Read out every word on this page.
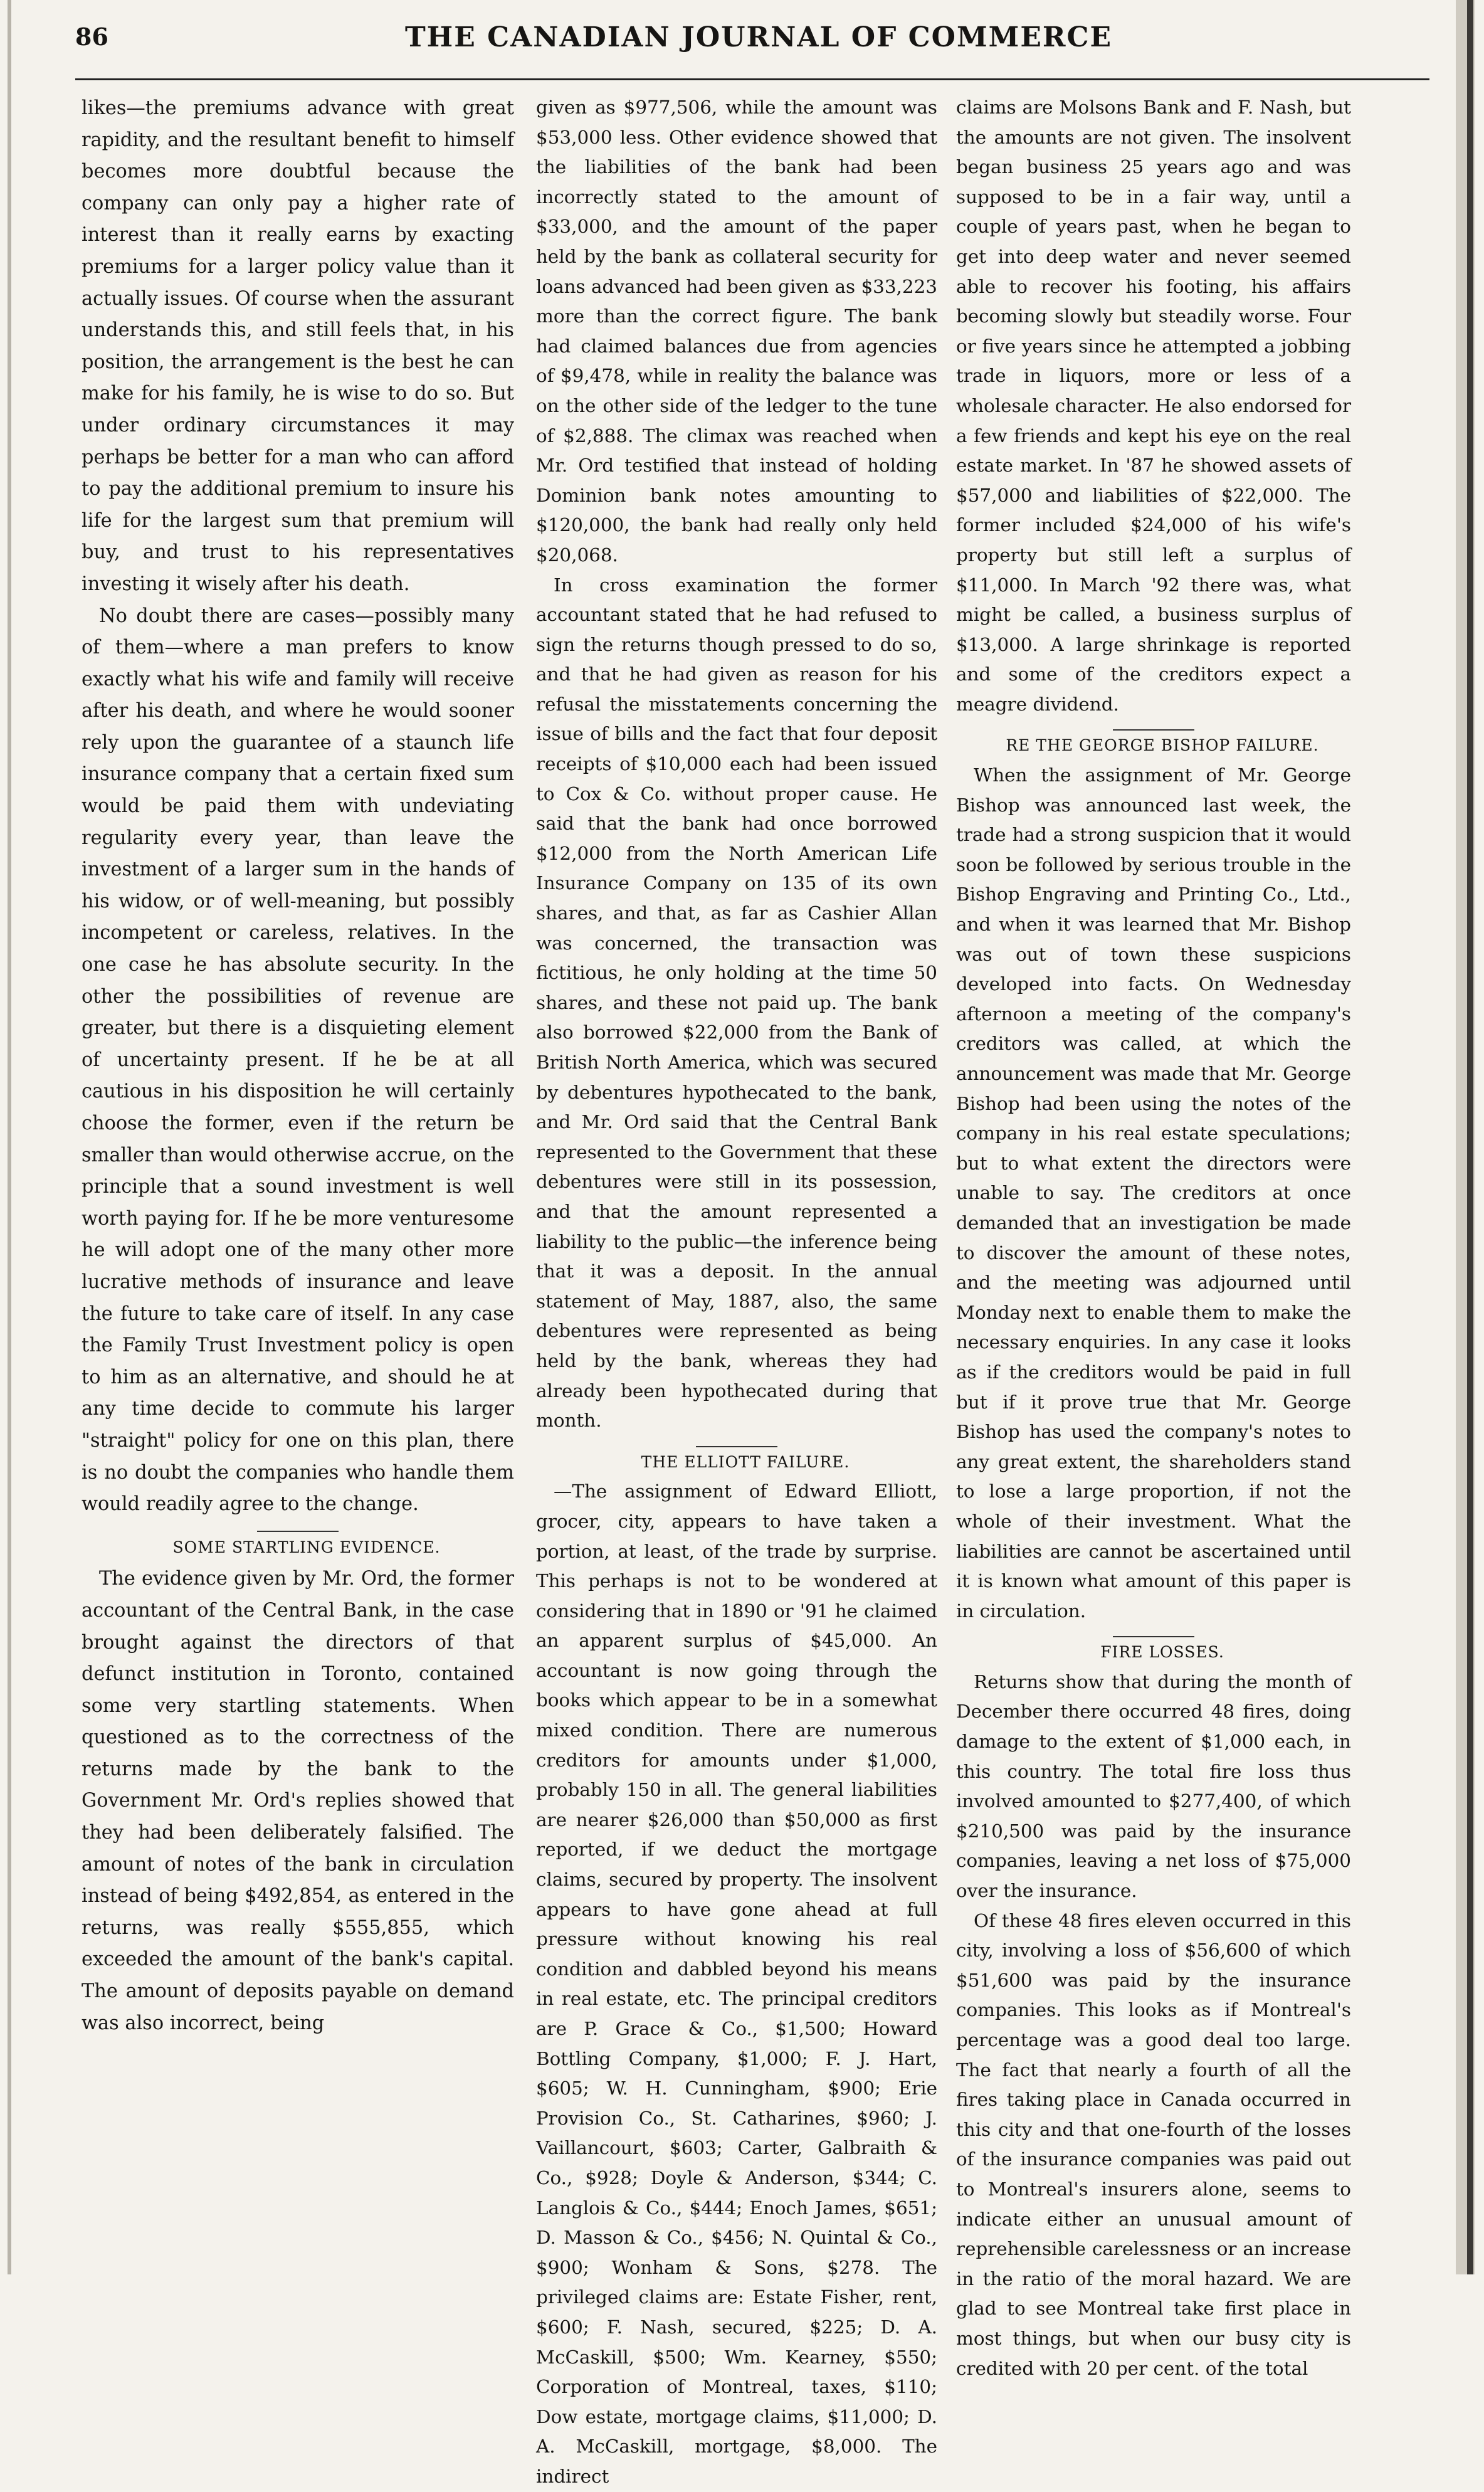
86	THE CANADIAN JOURNAL OF COMMERCE

likes—the premiums advance with great rapidity, and the resultant benefit to himself becomes more doubtful because the company can only pay a higher rate of interest than it really earns by exacting premiums for a larger policy value than it actually issues. Of course when the assurant understands this, and still feels that, in his position, the arrangement is the best he can make for his family, he is wise to do so. But under ordinary circumstances it may perhaps be better for a man who can afford to pay the additional premium to insure his life for the largest sum that premium will buy, and trust to his representatives investing it wisely after his death.

No doubt there are cases—possibly many of them—where a man prefers to know exactly what his wife and family will receive after his death, and where he would sooner rely upon the guarantee of a staunch life insurance company that a certain fixed sum would be paid them with undeviating regularity every year, than leave the investment of a larger sum in the hands of his widow, or of well-meaning, but possibly incompetent or careless, relatives. In the one case he has absolute security. In the other the possibilities of revenue are greater, but there is a disquieting element of uncertainty present. If he be at all cautious in his disposition he will certainly choose the former, even if the return be smaller than would otherwise accrue, on the principle that a sound investment is well worth paying for. If he be more venturesome he will adopt one of the many other more lucrative methods of insurance and leave the future to take care of itself. In any case the Family Trust Investment policy is open to him as an alternative, and should he at any time decide to commute his larger "straight" policy for one on this plan, there is no doubt the companies who handle them would readily agree to the change.

SOME STARTLING EVIDENCE.

The evidence given by Mr. Ord, the former accountant of the Central Bank, in the case brought against the directors of that defunct institution in Toronto, contained some very startling statements. When questioned as to the correctness of the returns made by the bank to the Government Mr. Ord's replies showed that they had been deliberately falsified. The amount of notes of the bank in circulation instead of being $492,854, as entered in the returns, was really $555,855, which exceeded the amount of the bank's capital. The amount of deposits payable on demand was also incorrect, being

given as $977,506, while the amount was $53,000 less. Other evidence showed that the liabilities of the bank had been incorrectly stated to the amount of $33,000, and the amount of the paper held by the bank as collateral security for loans advanced had been given as $33,223 more than the correct figure. The bank had claimed balances due from agencies of $9,478, while in reality the balance was on the other side of the ledger to the tune of $2,888. The climax was reached when Mr. Ord testified that instead of holding Dominion bank notes amounting to $120,000, the bank had really only held $20,068.

In cross examination the former accountant stated that he had refused to sign the returns though pressed to do so, and that he had given as reason for his refusal the misstatements concerning the issue of bills and the fact that four deposit receipts of $10,000 each had been issued to Cox & Co. without proper cause. He said that the bank had once borrowed $12,000 from the North American Life Insurance Company on 135 of its own shares, and that, as far as Cashier Allan was concerned, the transaction was fictitious, he only holding at the time 50 shares, and these not paid up. The bank also borrowed $22,000 from the Bank of British North America, which was secured by debentures hypothecated to the bank, and Mr. Ord said that the Central Bank represented to the Government that these debentures were still in its possession, and that the amount represented a liability to the public—the inference being that it was a deposit. In the annual statement of May, 1887, also, the same debentures were represented as being held by the bank, whereas they had already been hypothecated during that month.

THE ELLIOTT FAILURE.

—The assignment of Edward Elliott, grocer, city, appears to have taken a portion, at least, of the trade by surprise. This perhaps is not to be wondered at considering that in 1890 or '91 he claimed an apparent surplus of $45,000. An accountant is now going through the books which appear to be in a somewhat mixed condition. There are numerous creditors for amounts under $1,000, probably 150 in all. The general liabilities are nearer $26,000 than $50,000 as first reported, if we deduct the mortgage claims, secured by property. The insolvent appears to have gone ahead at full pressure without knowing his real condition and dabbled beyond his means in real estate, etc. The principal creditors are P. Grace & Co., $1,500; Howard Bottling Company, $1,000; F. J. Hart, $605; W. H. Cunningham, $900; Erie Provision Co., St. Catharines, $960; J. Vaillancourt, $603; Carter, Galbraith & Co., $928; Doyle & Anderson, $344; C. Langlois & Co., $444; Enoch James, $651; D. Masson & Co., $456; N. Quintal & Co., $900; Wonham & Sons, $278. The privileged claims are: Estate Fisher, rent, $600; F. Nash, secured, $225; D. A. McCaskill, $500; Wm. Kearney, $550; Corporation of Montreal, taxes, $110; Dow estate, mortgage claims, $11,000; D. A. McCaskill, mortgage, $8,000. The indirect

claims are Molsons Bank and F. Nash, but the amounts are not given. The insolvent began business 25 years ago and was supposed to be in a fair way, until a couple of years past, when he began to get into deep water and never seemed able to recover his footing, his affairs becoming slowly but steadily worse. Four or five years since he attempted a jobbing trade in liquors, more or less of a wholesale character. He also endorsed for a few friends and kept his eye on the real estate market. In '87 he showed assets of $57,000 and liabilities of $22,000. The former included $24,000 of his wife's property but still left a surplus of $11,000. In March '92 there was, what might be called, a business surplus of $13,000. A large shrinkage is reported and some of the creditors expect a meagre dividend.

RE THE GEORGE BISHOP FAILURE.

When the assignment of Mr. George Bishop was announced last week, the trade had a strong suspicion that it would soon be followed by serious trouble in the Bishop Engraving and Printing Co., Ltd., and when it was learned that Mr. Bishop was out of town these suspicions developed into facts. On Wednesday afternoon a meeting of the company's creditors was called, at which the announcement was made that Mr. George Bishop had been using the notes of the company in his real estate speculations; but to what extent the directors were unable to say. The creditors at once demanded that an investigation be made to discover the amount of these notes, and the meeting was adjourned until Monday next to enable them to make the necessary enquiries. In any case it looks as if the creditors would be paid in full but if it prove true that Mr. George Bishop has used the company's notes to any great extent, the shareholders stand to lose a large proportion, if not the whole of their investment. What the liabilities are cannot be ascertained until it is known what amount of this paper is in circulation.

FIRE LOSSES.

Returns show that during the month of December there occurred 48 fires, doing damage to the extent of $1,000 each, in this country. The total fire loss thus involved amounted to $277,400, of which $210,500 was paid by the insurance companies, leaving a net loss of $75,000 over the insurance.

Of these 48 fires eleven occurred in this city, involving a loss of $56,600 of which $51,600 was paid by the insurance companies. This looks as if Montreal's percentage was a good deal too large. The fact that nearly a fourth of all the fires taking place in Canada occurred in this city and that one-fourth of the losses of the insurance companies was paid out to Montreal's insurers alone, seems to indicate either an unusual amount of reprehensible carelessness or an increase in the ratio of the moral hazard. We are glad to see Montreal take first place in most things, but when our busy city is credited with 20 per cent. of the total
